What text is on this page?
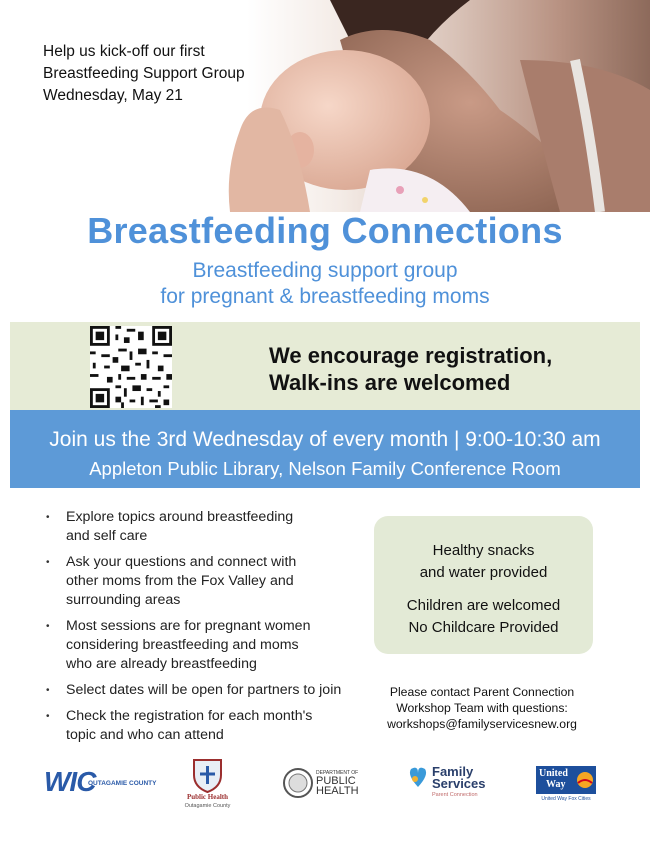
Help us kick-off our first
Breastfeeding Support Group
Wednesday, May 21
Breastfeeding Connections
Breastfeeding support group
for pregnant & breastfeeding moms
We encourage registration,
Walk-ins are welcomed
Join us the 3rd Wednesday of every month | 9:00-10:30 am
Appleton Public Library, Nelson Family Conference Room
• Explore topics around breastfeeding
and self care
• Ask your questions and connect with
other moms from the Fox Valley and
surrounding areas
• Most sessions are for pregnant women
considering breastfeeding and moms
who are already breastfeeding
• Select dates will be open for partners to join
• Check the registration for each month's
topic and who can attend
Healthy snacks
and water provided
Children are welcomed
No Childcare Provided
Please contact Parent Connection
Workshop Team with questions:
workshops@familyservicesnew.org
WIC
OUTAGAMIE COUNTY
Public Health
Outagamie County
DEPARTMENT OF
PUBLIC
HEALTH
Family
Services
Parent Connection
United
Way
United Way Fox Cities
